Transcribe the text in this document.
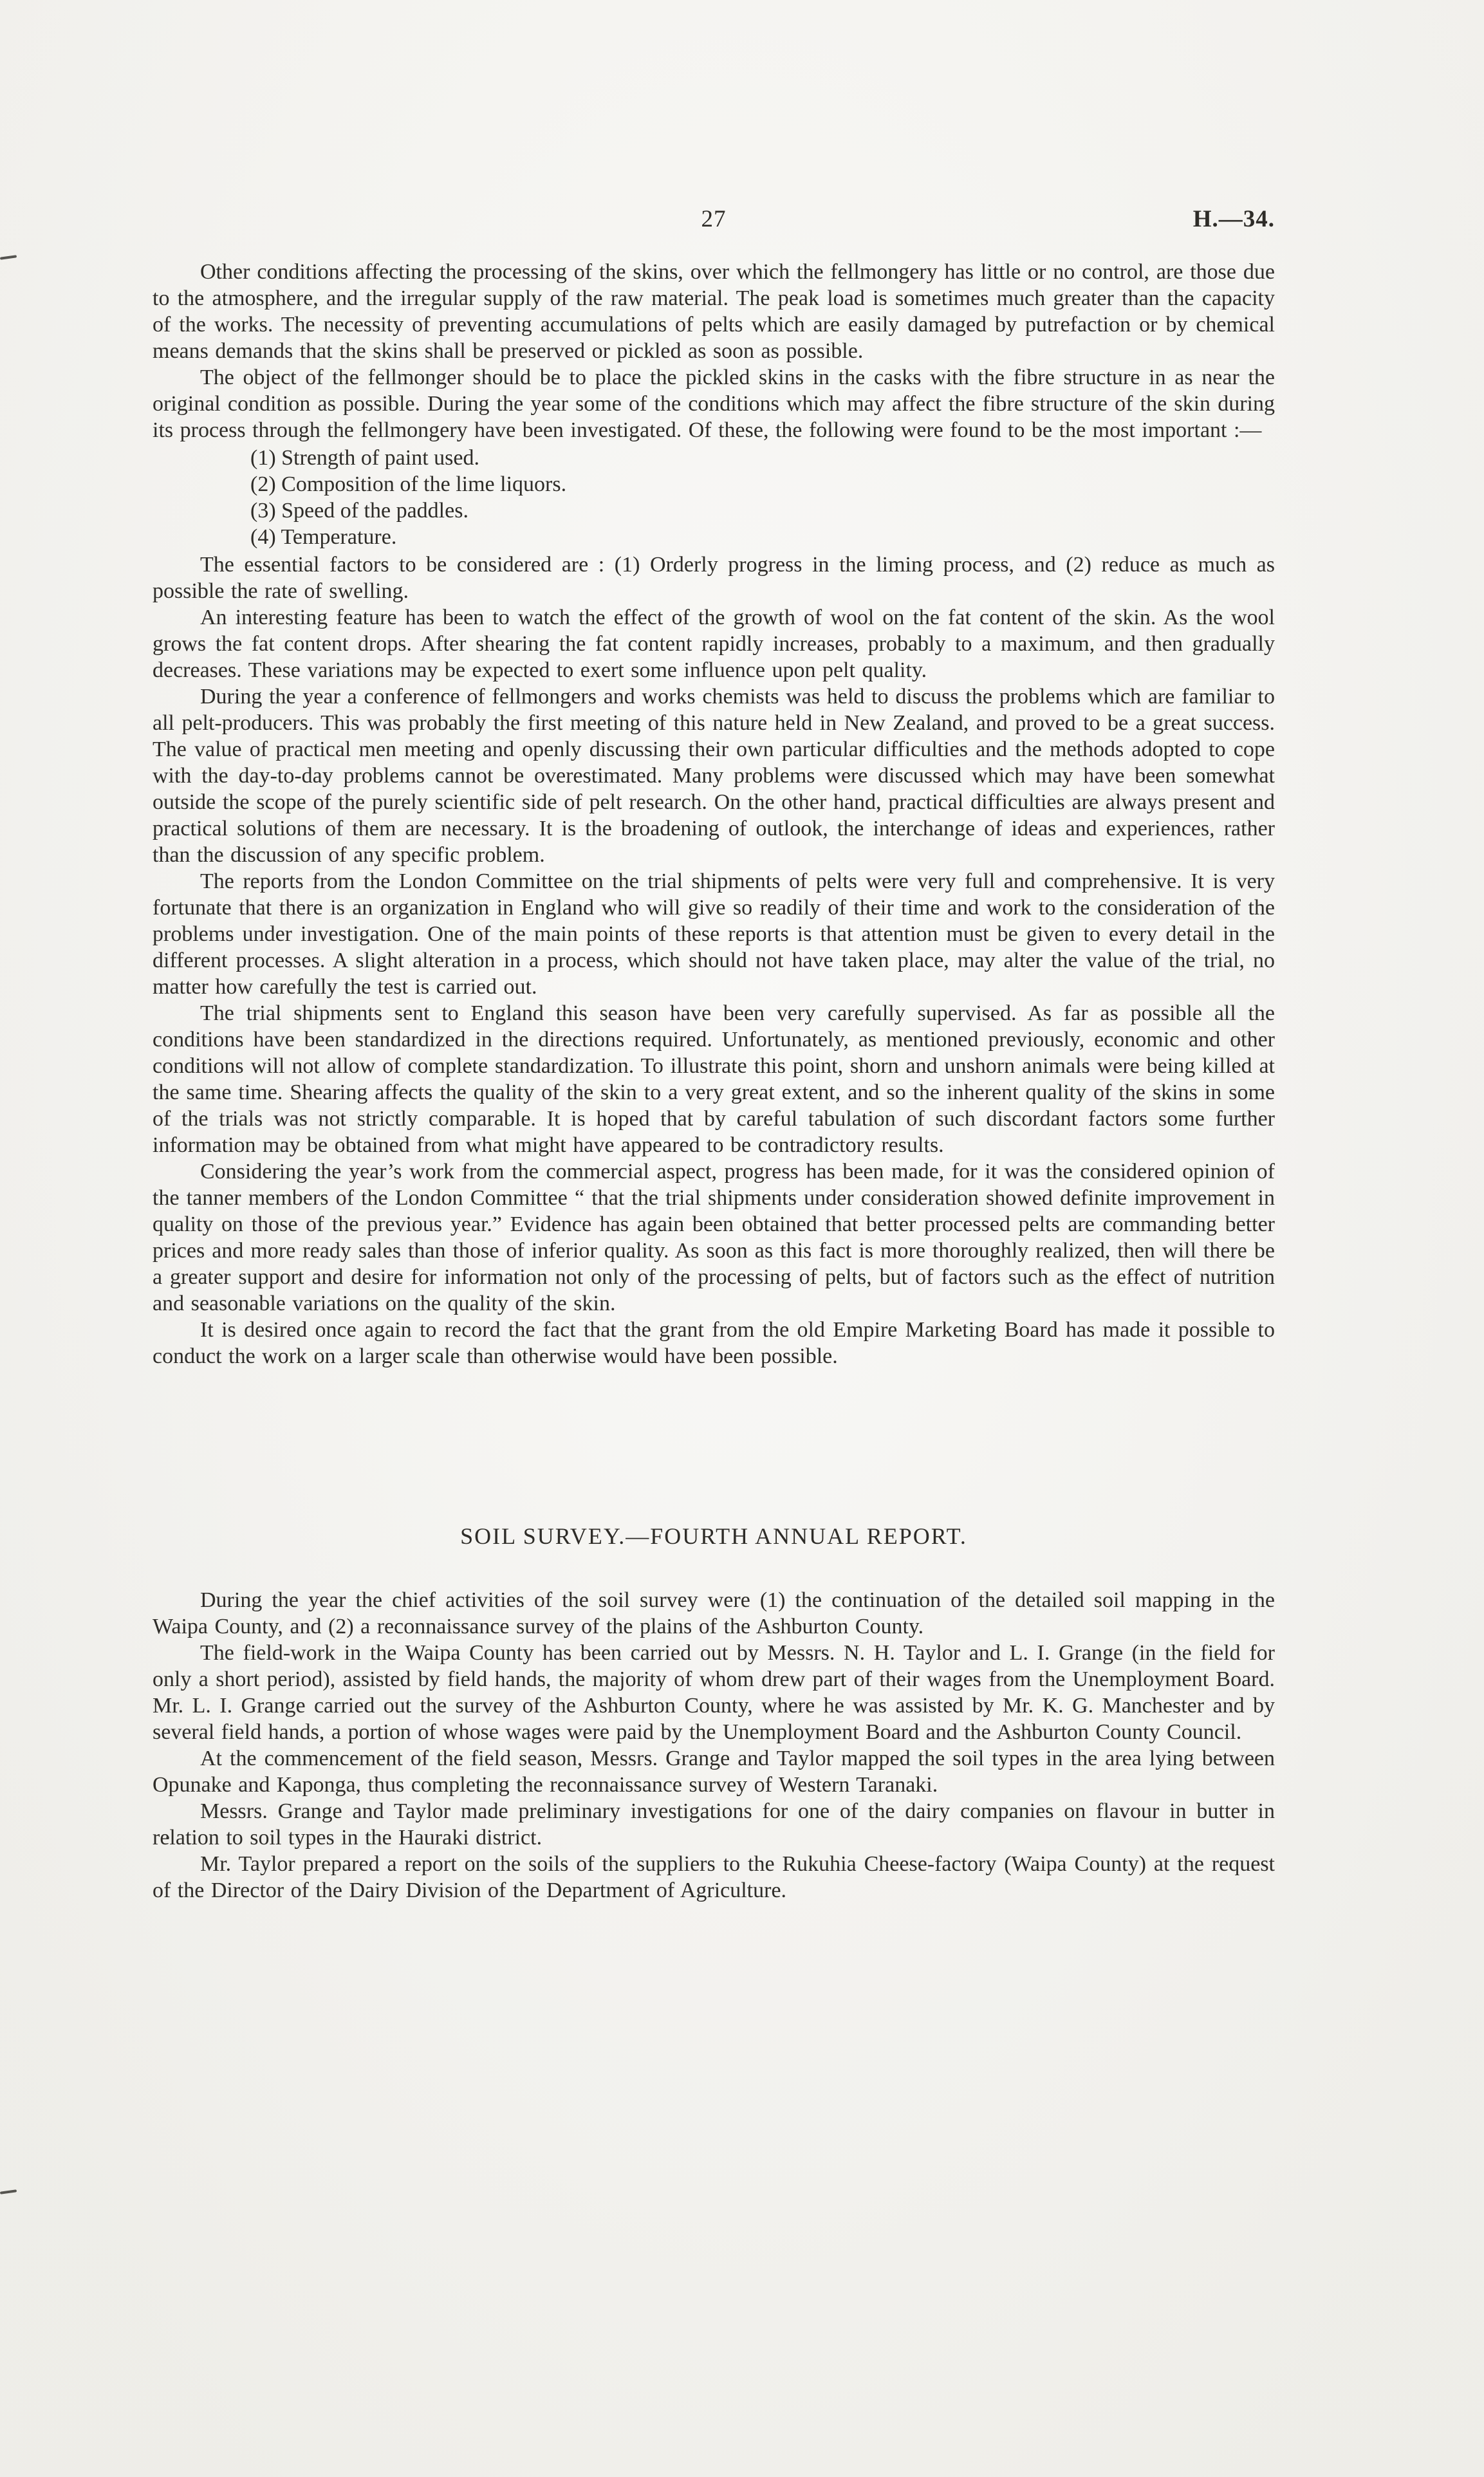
27	H.—34.

Other conditions affecting the processing of the skins, over which the fellmongery has little or no control, are those due to the atmosphere, and the irregular supply of the raw material. The peak load is sometimes much greater than the capacity of the works. The necessity of preventing accumulations of pelts which are easily damaged by putrefaction or by chemical means demands that the skins shall be preserved or pickled as soon as possible.

The object of the fellmonger should be to place the pickled skins in the casks with the fibre structure in as near the original condition as possible. During the year some of the conditions which may affect the fibre structure of the skin during its process through the fellmongery have been investigated. Of these, the following were found to be the most important :—

(1) Strength of paint used.
(2) Composition of the lime liquors.
(3) Speed of the paddles.
(4) Temperature.

The essential factors to be considered are : (1) Orderly progress in the liming process, and (2) reduce as much as possible the rate of swelling.

An interesting feature has been to watch the effect of the growth of wool on the fat content of the skin. As the wool grows the fat content drops. After shearing the fat content rapidly increases, probably to a maximum, and then gradually decreases. These variations may be expected to exert some influence upon pelt quality.

During the year a conference of fellmongers and works chemists was held to discuss the problems which are familiar to all pelt-producers. This was probably the first meeting of this nature held in New Zealand, and proved to be a great success. The value of practical men meeting and openly discussing their own particular difficulties and the methods adopted to cope with the day-to-day problems cannot be overestimated. Many problems were discussed which may have been somewhat outside the scope of the purely scientific side of pelt research. On the other hand, practical difficulties are always present and practical solutions of them are necessary. It is the broadening of outlook, the interchange of ideas and experiences, rather than the discussion of any specific problem.

The reports from the London Committee on the trial shipments of pelts were very full and comprehensive. It is very fortunate that there is an organization in England who will give so readily of their time and work to the consideration of the problems under investigation. One of the main points of these reports is that attention must be given to every detail in the different processes. A slight alteration in a process, which should not have taken place, may alter the value of the trial, no matter how carefully the test is carried out.

The trial shipments sent to England this season have been very carefully supervised. As far as possible all the conditions have been standardized in the directions required. Unfortunately, as mentioned previously, economic and other conditions will not allow of complete standardization. To illustrate this point, shorn and unshorn animals were being killed at the same time. Shearing affects the quality of the skin to a very great extent, and so the inherent quality of the skins in some of the trials was not strictly comparable. It is hoped that by careful tabulation of such discordant factors some further information may be obtained from what might have appeared to be contradictory results.

Considering the year’s work from the commercial aspect, progress has been made, for it was the considered opinion of the tanner members of the London Committee “ that the trial shipments under consideration showed definite improvement in quality on those of the previous year.” Evidence has again been obtained that better processed pelts are commanding better prices and more ready sales than those of inferior quality. As soon as this fact is more thoroughly realized, then will there be a greater support and desire for information not only of the processing of pelts, but of factors such as the effect of nutrition and seasonable variations on the quality of the skin.

It is desired once again to record the fact that the grant from the old Empire Marketing Board has made it possible to conduct the work on a larger scale than otherwise would have been possible.

SOIL SURVEY.—FOURTH ANNUAL REPORT.

During the year the chief activities of the soil survey were (1) the continuation of the detailed soil mapping in the Waipa County, and (2) a reconnaissance survey of the plains of the Ashburton County.

The field-work in the Waipa County has been carried out by Messrs. N. H. Taylor and L. I. Grange (in the field for only a short period), assisted by field hands, the majority of whom drew part of their wages from the Unemployment Board. Mr. L. I. Grange carried out the survey of the Ashburton County, where he was assisted by Mr. K. G. Manchester and by several field hands, a portion of whose wages were paid by the Unemployment Board and the Ashburton County Council.

At the commencement of the field season, Messrs. Grange and Taylor mapped the soil types in the area lying between Opunake and Kaponga, thus completing the reconnaissance survey of Western Taranaki.

Messrs. Grange and Taylor made preliminary investigations for one of the dairy companies on flavour in butter in relation to soil types in the Hauraki district.

Mr. Taylor prepared a report on the soils of the suppliers to the Rukuhia Cheese-factory (Waipa County) at the request of the Director of the Dairy Division of the Department of Agriculture.
